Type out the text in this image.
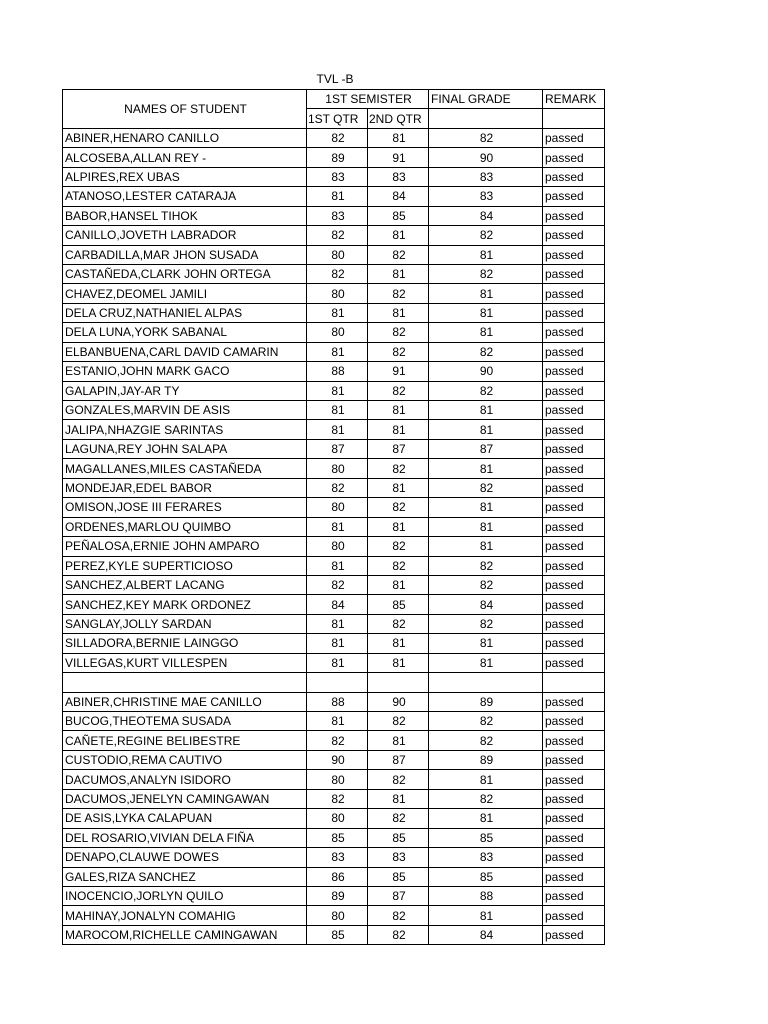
TVL -B
NAMES OF STUDENT	1ST SEMISTER		FINAL GRADE	REMARK
	1ST QTR	2ND QTR		
ABINER,HENARO CANILLO	82	81	82	passed
ALCOSEBA,ALLAN REY -	89	91	90	passed
ALPIRES,REX UBAS	83	83	83	passed
ATANOSO,LESTER CATARAJA	81	84	83	passed
BABOR,HANSEL TIHOK	83	85	84	passed
CANILLO,JOVETH LABRADOR	82	81	82	passed
CARBADILLA,MAR JHON SUSADA	80	82	81	passed
CASTAÑEDA,CLARK JOHN ORTEGA	82	81	82	passed
CHAVEZ,DEOMEL JAMILI	80	82	81	passed
DELA CRUZ,NATHANIEL ALPAS	81	81	81	passed
DELA LUNA,YORK SABANAL	80	82	81	passed
ELBANBUENA,CARL DAVID CAMARIN	81	82	82	passed
ESTANIO,JOHN MARK GACO	88	91	90	passed
GALAPIN,JAY-AR TY	81	82	82	passed
GONZALES,MARVIN DE ASIS	81	81	81	passed
JALIPA,NHAZGIE SARINTAS	81	81	81	passed
LAGUNA,REY JOHN SALAPA	87	87	87	passed
MAGALLANES,MILES CASTAÑEDA	80	82	81	passed
MONDEJAR,EDEL BABOR	82	81	82	passed
OMISON,JOSE III FERARES	80	82	81	passed
ORDENES,MARLOU QUIMBO	81	81	81	passed
PEÑALOSA,ERNIE JOHN AMPARO	80	82	81	passed
PEREZ,KYLE SUPERTICIOSO	81	82	82	passed
SANCHEZ,ALBERT LACANG	82	81	82	passed
SANCHEZ,KEY MARK ORDONEZ	84	85	84	passed
SANGLAY,JOLLY SARDAN	81	82	82	passed
SILLADORA,BERNIE LAINGGO	81	81	81	passed
VILLEGAS,KURT VILLESPEN	81	81	81	passed

ABINER,CHRISTINE MAE CANILLO	88	90	89	passed
BUCOG,THEOTEMA SUSADA	81	82	82	passed
CAÑETE,REGINE BELIBESTRE	82	81	82	passed
CUSTODIO,REMA CAUTIVO	90	87	89	passed
DACUMOS,ANALYN ISIDORO	80	82	81	passed
DACUMOS,JENELYN CAMINGAWAN	82	81	82	passed
DE ASIS,LYKA CALAPUAN	80	82	81	passed
DEL ROSARIO,VIVIAN DELA FIÑA	85	85	85	passed
DENAPO,CLAUWE DOWES	83	83	83	passed
GALES,RIZA SANCHEZ	86	85	85	passed
INOCENCIO,JORLYN QUILO	89	87	88	passed
MAHINAY,JONALYN COMAHIG	80	82	81	passed
MAROCOM,RICHELLE CAMINGAWAN	85	82	84	passed
